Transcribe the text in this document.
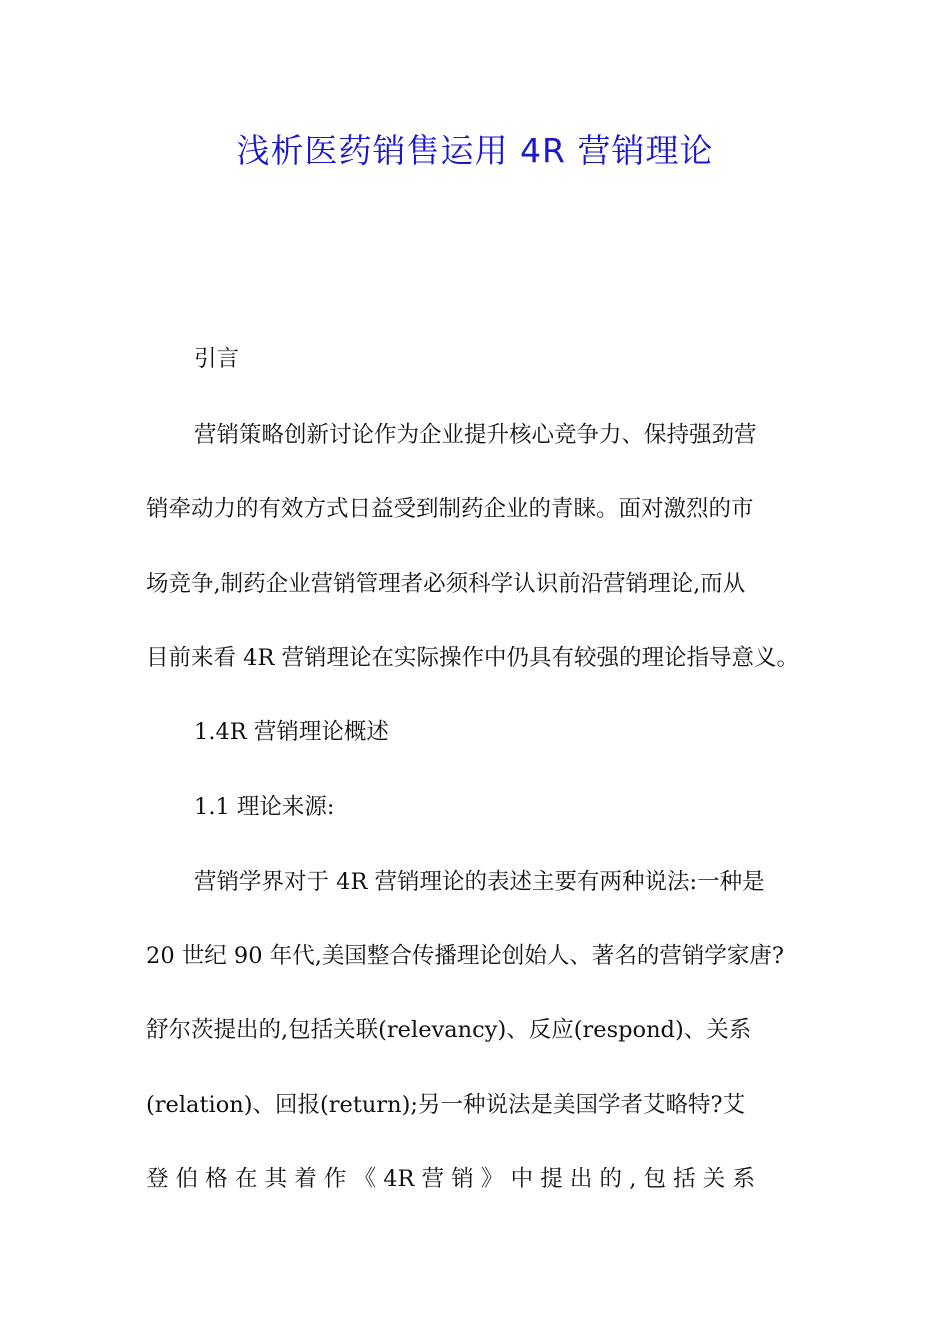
浅析医药销售运用 4R 营销理论
引言
营销策略创新讨论作为企业提升核心竞争力、保持强劲营
销牵动力的有效方式日益受到制药企业的青睐。面对激烈的市
场竞争,制药企业营销管理者必须科学认识前沿营销理论,而从
目前来看 4R 营销理论在实际操作中仍具有较强的理论指导意义。
1.4R 营销理论概述
1.1 理论来源:
营销学界对于 4R 营销理论的表述主要有两种说法:一种是
20 世纪 90 年代,美国整合传播理论创始人、著名的营销学家唐?
舒尔茨提出的,包括关联(relevancy)、反应(respond)、关系
(relation)、回报(return);另一种说法是美国学者艾略特?艾
登 伯 格 在 其 着 作 《 4R 营 销 》 中 提 出 的 , 包 括 关 系
